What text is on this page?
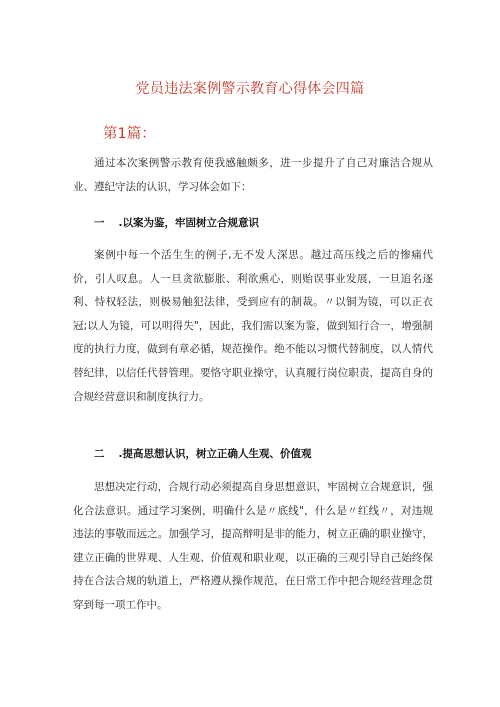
党员违法案例警示教育心得体会四篇
第1篇：

通过本次案例警示教育使我感触颇多，进一步提升了自己对廉洁合规从业、遵纪守法的认识，学习体会如下：

一 .以案为鉴，牢固树立合规意识

案例中每一个活生生的例子,无不发人深思。越过高压线之后的惨痛代价，引人叹息。人一旦贪欲膨胀、利欲熏心，则贻误事业发展，一旦追名逐利、恃权轻法，则极易触犯法律，受到应有的制裁。〃以铜为镜，可以正衣冠;以人为镜，可以明得失"，因此，我们需以案为鉴，做到知行合一，增强制度的执行力度，做到有章必循，规范操作。绝不能以习惯代替制度，以人情代替纪律，以信任代替管理。要恪守职业操守，认真履行岗位职责，提高自身的合规经营意识和制度执行力。

二 .提高思想认识，树立正确人生观、价值观

思想决定行动，合规行动必须提高自身思想意识，牢固树立合规意识，强化合法意识。通过学习案例，明确什么是〃底线"，什么是〃红线〃，对违规违法的事敬而远之。加强学习，提高辩明是非的能力，树立正确的职业操守，建立正确的世界观、人生观、价值观和职业观，以正确的三观引导自己始终保持在合法合规的轨道上，严格遵从操作规范，在日常工作中把合规经营理念贯穿到每一项工作中。
